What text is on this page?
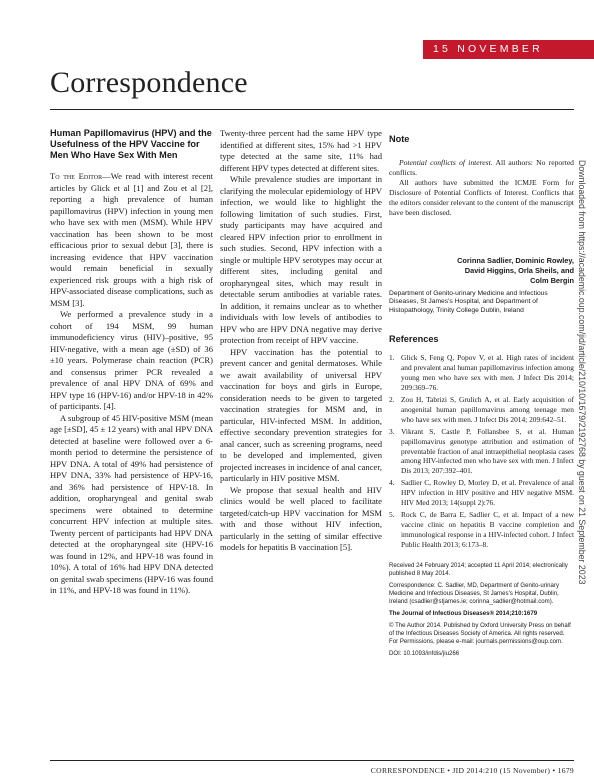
15 NOVEMBER
Correspondence
Human Papillomavirus (HPV) and the Usefulness of the HPV Vaccine for Men Who Have Sex With Men

To the Editor—We read with interest recent articles by Glick et al [1] and Zou et al [2], reporting a high prevalence of human papillomavirus (HPV) infection in young men who have sex with men (MSM). While HPV vaccination has been shown to be most efficacious prior to sexual debut [3], there is increasing evidence that HPV vaccination would remain beneficial in sexually experienced risk groups with a high risk of HPV-associated disease complications, such as MSM [3].

We performed a prevalence study in a cohort of 194 MSM, 99 human immunodeficiency virus (HIV)–positive, 95 HIV-negative, with a mean age (±SD) of 36 ±10 years. Polymerase chain reaction (PCR) and consensus primer PCR revealed a prevalence of anal HPV DNA of 69% and HPV type 16 (HPV-16) and/or HPV-18 in 42% of participants. [4].

A subgroup of 45 HIV-positive MSM (mean age [±SD], 45 ± 12 years) with anal HPV DNA detected at baseline were followed over a 6-month period to determine the persistence of HPV DNA. A total of 49% had persistence of HPV DNA, 33% had persistence of HPV-16, and 36% had persistence of HPV-18. In addition, oropharyngeal and genital swab specimens were obtained to determine concurrent HPV infection at multiple sites. Twenty percent of participants had HPV DNA detected at the oropharyngeal site (HPV-16 was found in 12%, and HPV-18 was found in 10%). A total of 16% had HPV DNA detected on genital swab specimens (HPV-16 was found in 11%, and HPV-18 was found in 11%).

Twenty-three percent had the same HPV type identified at different sites, 15% had >1 HPV type detected at the same site, 11% had different HPV types detected at different sites.

While prevalence studies are important in clarifying the molecular epidemiology of HPV infection, we would like to highlight the following limitation of such studies. First, study participants may have acquired and cleared HPV infection prior to enrollment in such studies. Second, HPV infection with a single or multiple HPV serotypes may occur at different sites, including genital and oropharyngeal sites, which may result in detectable serum antibodies at variable rates. In addition, it remains unclear as to whether individuals with low levels of antibodies to HPV who are HPV DNA negative may derive protection from receipt of HPV vaccine.

HPV vaccination has the potential to prevent cancer and genital dermatoses. While we await availability of universal HPV vaccination for boys and girls in Europe, consideration needs to be given to targeted vaccination strategies for MSM and, in particular, HIV-infected MSM. In addition, effective secondary prevention strategies for anal cancer, such as screening programs, need to be developed and implemented, given projected increases in incidence of anal cancer, particularly in HIV positive MSM.

We propose that sexual health and HIV clinics would be well placed to facilitate targeted/catch-up HPV vaccination for MSM with and those without HIV infection, particularly in the setting of similar effective models for hepatitis B vaccination [5].

Note

Potential conflicts of interest. All authors: No reported conflicts.

All authors have submitted the ICMJE Form for Disclosure of Potential Conflicts of Interest. Conflicts that the editors consider relevant to the content of the manuscript have been disclosed.

Corinna Sadlier, Dominic Rowley,
David Higgins, Orla Sheils, and
Colm Bergin
Department of Genito-urinary Medicine and Infectious Diseases, St James's Hospital, and Department of Histopathology, Trinity College Dublin, Ireland
References
1. Glick S, Feng Q, Popov V, et al. High rates of incident and prevalent anal human papillomavirus infection among young men who have sex with men. J Infect Dis 2014; 209:369–76.
2. Zou H, Tabrizi S, Grulich A, et al. Early acquisition of anogenital human papillomavirus among teenage men who have sex with men. J Infect Dis 2014; 209:642–51.
3. Vikrant S, Castle P, Follansbee S, et al. Human papillomavirus genotype attribution and estimation of preventable fraction of anal intraepithelial neoplasia cases among HIV-infected men who have sex with men. J Infect Dis 2013; 207:392–401.
4. Sadlier C, Rowley D, Morley D, et al. Prevalence of anal HPV infection in HIV positive and HIV negative MSM. HIV Med 2013; 14(suppl 2):76.
5. Rock C, de Barra E, Sadlier C, et al. Impact of a new vaccine clinic on hepatitis B vaccine completion and immunological response in a HIV-infected cohort. J Infect Public Health 2013; 6:173–8.

Received 24 February 2014; accepted 11 April 2014; electronically published 8 May 2014.

Correspondence: C. Sadlier, MD, Department of Genito-urinary Medicine and Infectious Diseases, St James's Hospital, Dublin, Ireland (csadlier@stjames.ie; corinna_sadlier@hotmail.com).

The Journal of Infectious Diseases® 2014;210:1679

© The Author 2014. Published by Oxford University Press on behalf of the Infectious Diseases Society of America. All rights reserved. For Permissions, please e-mail: journals.permissions@oup.com.

DOI: 10.1093/infdis/jiu266

CORRESPONDENCE • JID 2014:210 (15 November) • 1679
Downloaded from https://academic.oup.com/jid/article/210/10/1679/2192768 by guest on 21 September 2023
